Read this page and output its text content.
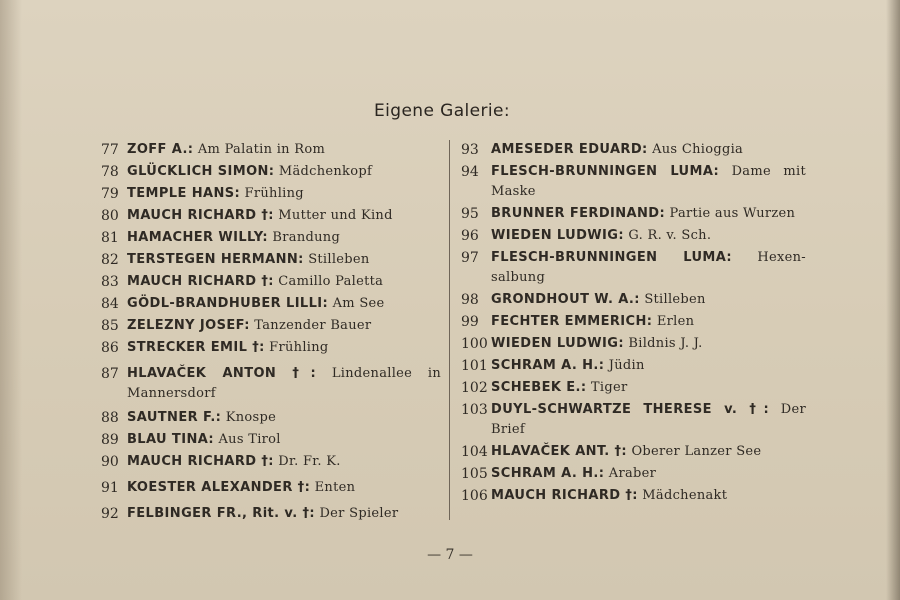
Eigene Galerie:
77 ZOFF A.: Am Palatin in Rom
78 GLÜCKLICH SIMON: Mädchenkopf
79 TEMPLE HANS: Frühling
80 MAUCH RICHARD †: Mutter und Kind
81 HAMACHER WILLY: Brandung
82 TERSTEGEN HERMANN: Stilleben
83 MAUCH RICHARD †: Camillo Paletta
84 GÖDL-BRANDHUBER LILLI: Am See
85 ZELEZNY JOSEF: Tanzender Bauer
86 STRECKER EMIL †: Frühling
87 HLAVAČEK ANTON †: Lindenallee in Mannersdorf
88 SAUTNER F.: Knospe
89 BLAU TINA: Aus Tirol
90 MAUCH RICHARD †: Dr. Fr. K.
91 KOESTER ALEXANDER †: Enten
92 FELBINGER FR., Rit. v. †: Der Spieler
93 AMESEDER EDUARD: Aus Chioggia
94 FLESCH-BRUNNINGEN LUMA: Dame mit Maske
95 BRUNNER FERDINAND: Partie aus Wurzen
96 WIEDEN LUDWIG: G. R. v. Sch.
97 FLESCH-BRUNNINGEN LUMA: Hexen-salbung
98 GRONDHOUT W. A.: Stilleben
99 FECHTER EMMERICH: Erlen
100 WIEDEN LUDWIG: Bildnis J. J.
101 SCHRAM A. H.: Jüdin
102 SCHEBEK E.: Tiger
103 DUYL-SCHWARTZE THERESE v. †: Der Brief
104 HLAVAČEK ANT. †: Oberer Lanzer See
105 SCHRAM A. H.: Araber
106 MAUCH RICHARD †: Mädchenakt
— 7 —
